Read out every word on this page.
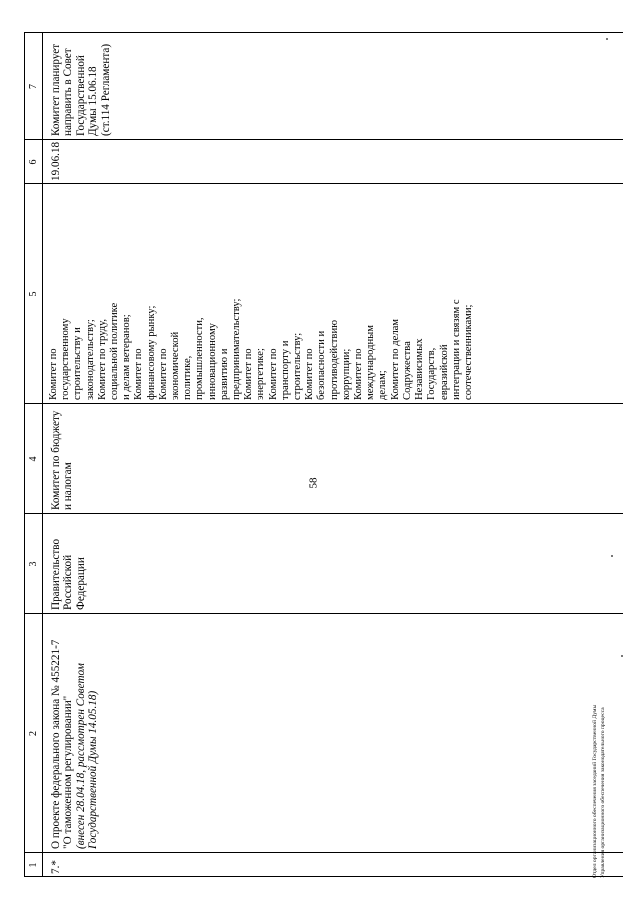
58
1
2
3
4
5
6
7
7.*
О проекте федерального закона № 455221-7 "О таможенном регулировании" (внесен 28.04.18, рассмотрен Советом Государственной Думы 14.05.18)
Правительство Российской Федерации
Комитет по бюджету и налогам
Комитет по государственному строительству и законодательству; Комитет по труду, социальной политике и делам ветеранов; Комитет по финансовому рынку; Комитет по экономической политике, промышленности, инновационному развитию и предпринимательству; Комитет по энергетике; Комитет по транспорту и строительству; Комитет по безопасности и противодействию коррупции; Комитет по международным делам; Комитет по делам Содружества Независимых Государств, евразийской интеграции и связям с соотечественниками;
19.06.18
Комитет планирует направить в Совет Государственной Думы 15.06.18 (ст.114 Регламента)
Отдел организационного обеспечения заседаний Государственной Думы Управления организационного обеспечения законодательного процесса
